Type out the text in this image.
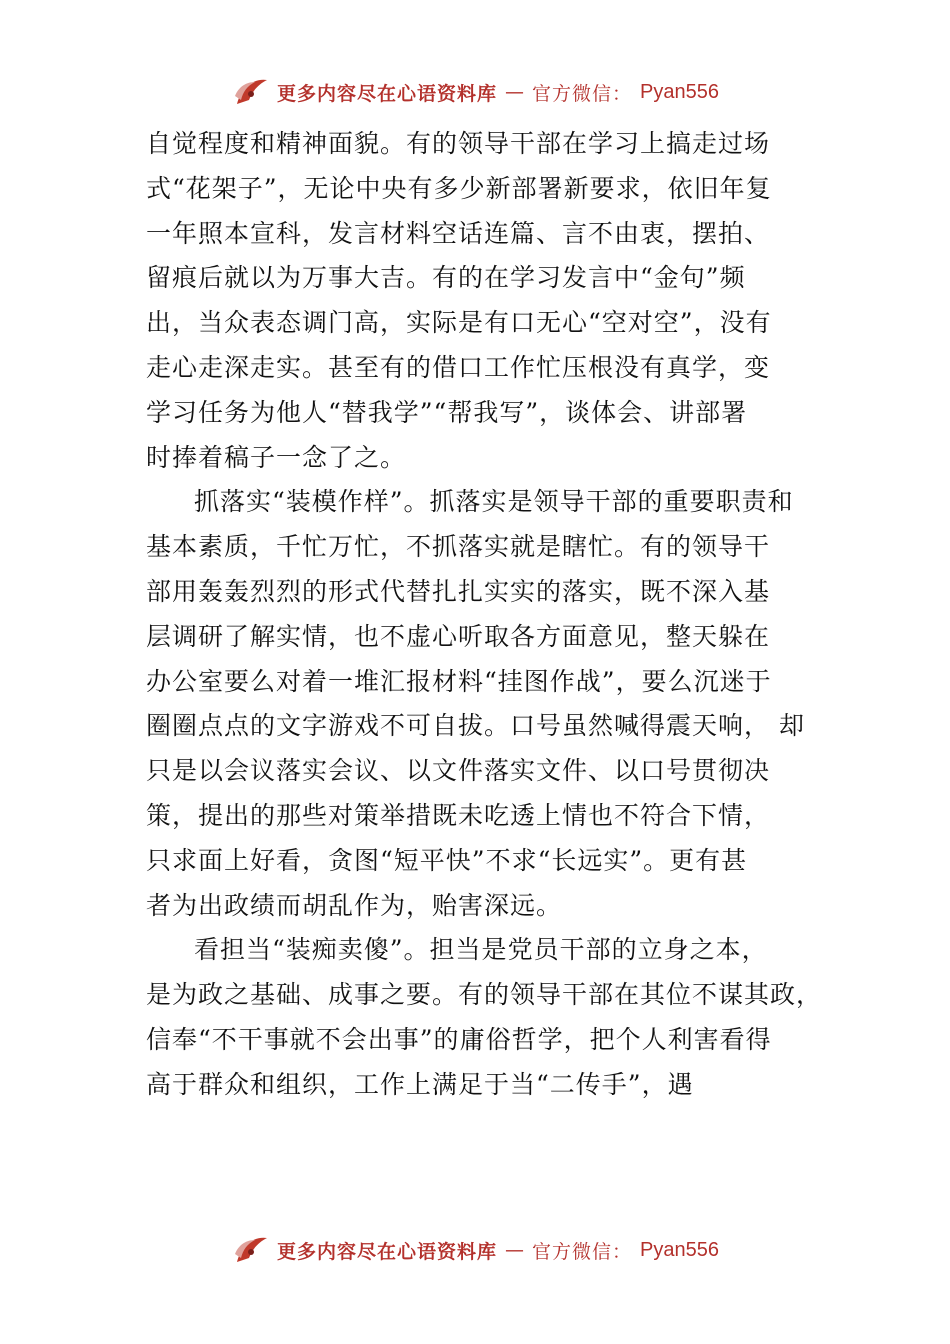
更多内容尽在心语资料库 — 官方微信： Pyan556
自觉程度和精神面貌。有的领导干部在学习上搞走过场
式“花架子”，无论中央有多少新部署新要求，依旧年复
一年照本宣科，发言材料空话连篇、言不由衷，摆拍、
留痕后就以为万事大吉。有的在学习发言中“金句”频
出，当众表态调门高，实际是有口无心“空对空”，没有
走心走深走实。甚至有的借口工作忙压根没有真学，变
学习任务为他人“替我学”“帮我写”，谈体会、讲部署
时捧着稿子一念了之。
抓落实“装模作样”。抓落实是领导干部的重要职责和
基本素质，千忙万忙，不抓落实就是瞎忙。有的领导干
部用轰轰烈烈的形式代替扎扎实实的落实，既不深入基
层调研了解实情，也不虚心听取各方面意见，整天躲在
办公室要么对着一堆汇报材料“挂图作战”，要么沉迷于
圈圈点点的文字游戏不可自拔。口号虽然喊得震天响， 却
只是以会议落实会议、以文件落实文件、以口号贯彻决
策，提出的那些对策举措既未吃透上情也不符合下情，
只求面上好看，贪图“短平快”不求“长远实”。更有甚
者为出政绩而胡乱作为，贻害深远。
看担当“装痴卖傻”。担当是党员干部的立身之本，
是为政之基础、成事之要。有的领导干部在其位不谋其政，
信奉“不干事就不会出事”的庸俗哲学，把个人利害看得
高于群众和组织，工作上满足于当“二传手”，遇
更多内容尽在心语资料库 — 官方微信： Pyan556
